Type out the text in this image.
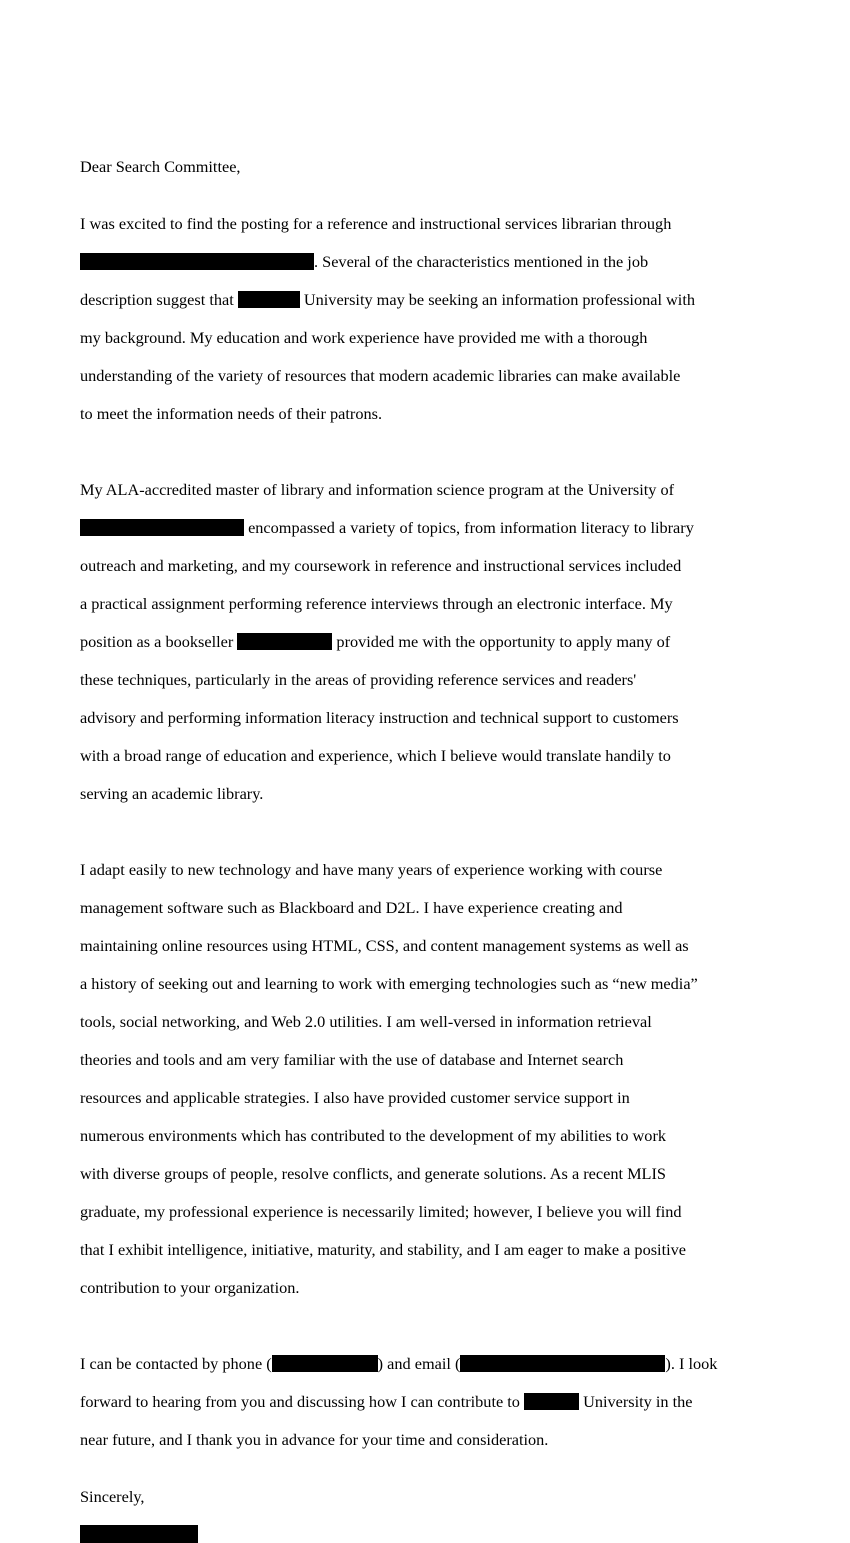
Dear Search Committee,

I was excited to find the posting for a reference and instructional services librarian through

. Several of the characteristics mentioned in the job

description suggest that	University may be seeking an information professional with

my background. My education and work experience have provided me with a thorough

understanding of the variety of resources that modern academic libraries can make available

to meet the information needs of their patrons.

My ALA-accredited master of library and information science program at the University of

encompassed a variety of topics, from information literacy to library

outreach and marketing, and my coursework in reference and instructional services included

a practical assignment performing reference interviews through an electronic interface. My

position as a bookseller	provided me with the opportunity to apply many of

these techniques, particularly in the areas of providing reference services and readers'

advisory and performing information literacy instruction and technical support to customers

with a broad range of education and experience, which I believe would translate handily to

serving an academic library.

I adapt easily to new technology and have many years of experience working with course

management software such as Blackboard and D2L. I have experience creating and

maintaining online resources using HTML, CSS, and content management systems as well as

a history of seeking out and learning to work with emerging technologies such as “new media”

tools, social networking, and Web 2.0 utilities. I am well-versed in information retrieval

theories and tools and am very familiar with the use of database and Internet search

resources and applicable strategies. I also have provided customer service support in

numerous environments which has contributed to the development of my abilities to work

with diverse groups of people, resolve conflicts, and generate solutions. As a recent MLIS

graduate, my professional experience is necessarily limited; however, I believe you will find

that I exhibit intelligence, initiative, maturity, and stability, and I am eager to make a positive

contribution to your organization.

I can be contacted by phone (	) and email (	). I look

forward to hearing from you and discussing how I can contribute to	University in the

near future, and I thank you in advance for your time and consideration.

Sincerely,
